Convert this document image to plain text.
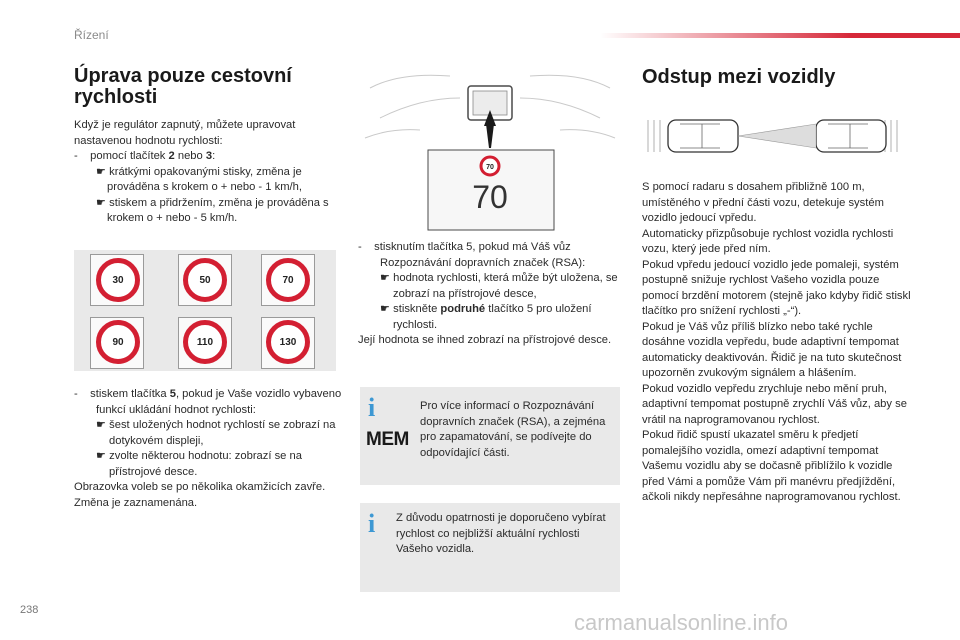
Řízení
Úprava pouze cestovní rychlosti

Když je regulátor zapnutý, můžete upravovat nastavenou hodnotu rychlosti:

-    pomocí tlačítek 2 nebo 3:

☛ krátkými opakovanými stisky, změna je prováděna s krokem o + nebo - 1 km/h,

☛ stiskem a přidržením, změna je prováděna s krokem o + nebo - 5 km/h.

30	50	70
90	110	130

-    stiskem tlačítka 5, pokud je Vaše vozidlo vybaveno funkcí ukládání hodnot rychlosti:

☛ šest uložených hodnot rychlostí se zobrazí na dotykovém displeji,

☛ zvolte některou hodnotu: zobrazí se na přístrojové desce.

Obrazovka voleb se po několika okamžicích zavře.

Změna je zaznamenána.

70
70

-    stisknutím tlačítka 5, pokud má Váš vůz Rozpoznávání dopravních značek (RSA):

☛ hodnota rychlosti, která může být uložena, se zobrazí na přístrojové desce,

☛ stiskněte podruhé tlačítko 5 pro uložení rychlosti.

Její hodnota se ihned zobrazí na přístrojové desce.

i
MEM
Pro více informací o Rozpoznávání dopravních značek (RSA), a zejména pro zapamatování, se podívejte do odpovídající části.
i Z důvodu opatrnosti je doporučeno vybírat rychlost co nejbližší aktuální rychlosti Vašeho vozidla.
Odstup mezi vozidly
S pomocí radaru s dosahem přibližně 100 m, umístěného v přední části vozu, detekuje systém vozidlo jedoucí vpředu.
Automaticky přizpůsobuje rychlost vozidla rychlosti vozu, který jede před ním.
Pokud vpředu jedoucí vozidlo jede pomaleji, systém postupně snižuje rychlost Vašeho vozidla pouze pomocí brzdění motorem (stejně jako kdyby řidič stiskl tlačítko pro snížení rychlosti „-“).
Pokud je Váš vůz příliš blízko nebo také rychle dosáhne vozidla vepředu, bude adaptivní tempomat automaticky deaktivován. Řidič je na tuto skutečnost upozorněn zvukovým signálem a hlášením.
Pokud vozidlo vepředu zrychluje nebo mění pruh, adaptivní tempomat postupně zrychlí Váš vůz, aby se vrátil na naprogramovanou rychlost.
Pokud řidič spustí ukazatel směru k předjetí pomalejšího vozidla, omezí adaptivní tempomat Vašemu vozidlu aby se dočasně přiblížilo k vozidle před Vámi a pomůže Vám při manévru předjíždění, ačkoli nikdy nepřesáhne naprogramovanou rychlost.
238	carmanualsonline.info
